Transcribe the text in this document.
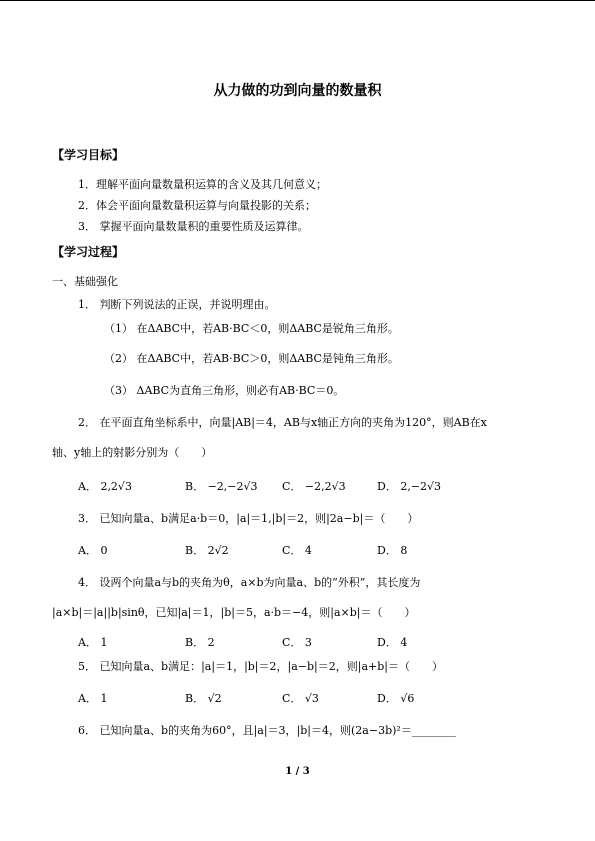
从力做的功到向量的数量积
【学习目标】
1．理解平面向量数量积运算的含义及其几何意义；
2．体会平面向量数量积运算与向量投影的关系；
3． 掌握平面向量数量积的重要性质及运算律。
【学习过程】
一、基础强化
1． 判断下列说法的正误，并说明理由。
（1） 在ΔABC中，若AB·BC＜0，则ΔABC是锐角三角形。
（2） 在ΔABC中，若AB·BC＞0，则ΔABC是钝角三角形。
（3） ΔABC为直角三角形，则必有AB·BC＝0。
2． 在平面直角坐标系中，向量|AB|＝4，AB与x轴正方向的夹角为120°，则AB在x
轴、y轴上的射影分别为（　　）
A． 2,2√3	B． −2,−2√3 C． −2,2√3	D． 2,−2√3
3． 已知向量a、b满足a·b＝0，|a|＝1,|b|＝2，则|2a−b|＝（　　）
A． 0	B． 2√2	C． 4	D． 8
4． 设两个向量a与b的夹角为θ，a×b为向量a、b的“外积”，其长度为
|a×b|＝|a||b|sinθ，已知|a|＝1，|b|＝5，a·b＝−4，则|a×b|＝（　　）
A． 1	B． 2	C． 3	D． 4
5． 已知向量a、b满足：|a|＝1，|b|＝2，|a−b|＝2，则|a+b|＝（　　）
A． 1	B． √2	C． √3	D． √6
6． 已知向量a、b的夹角为60°，且|a|＝3，|b|＝4，则(2a−3b)²＝________
1 / 3
